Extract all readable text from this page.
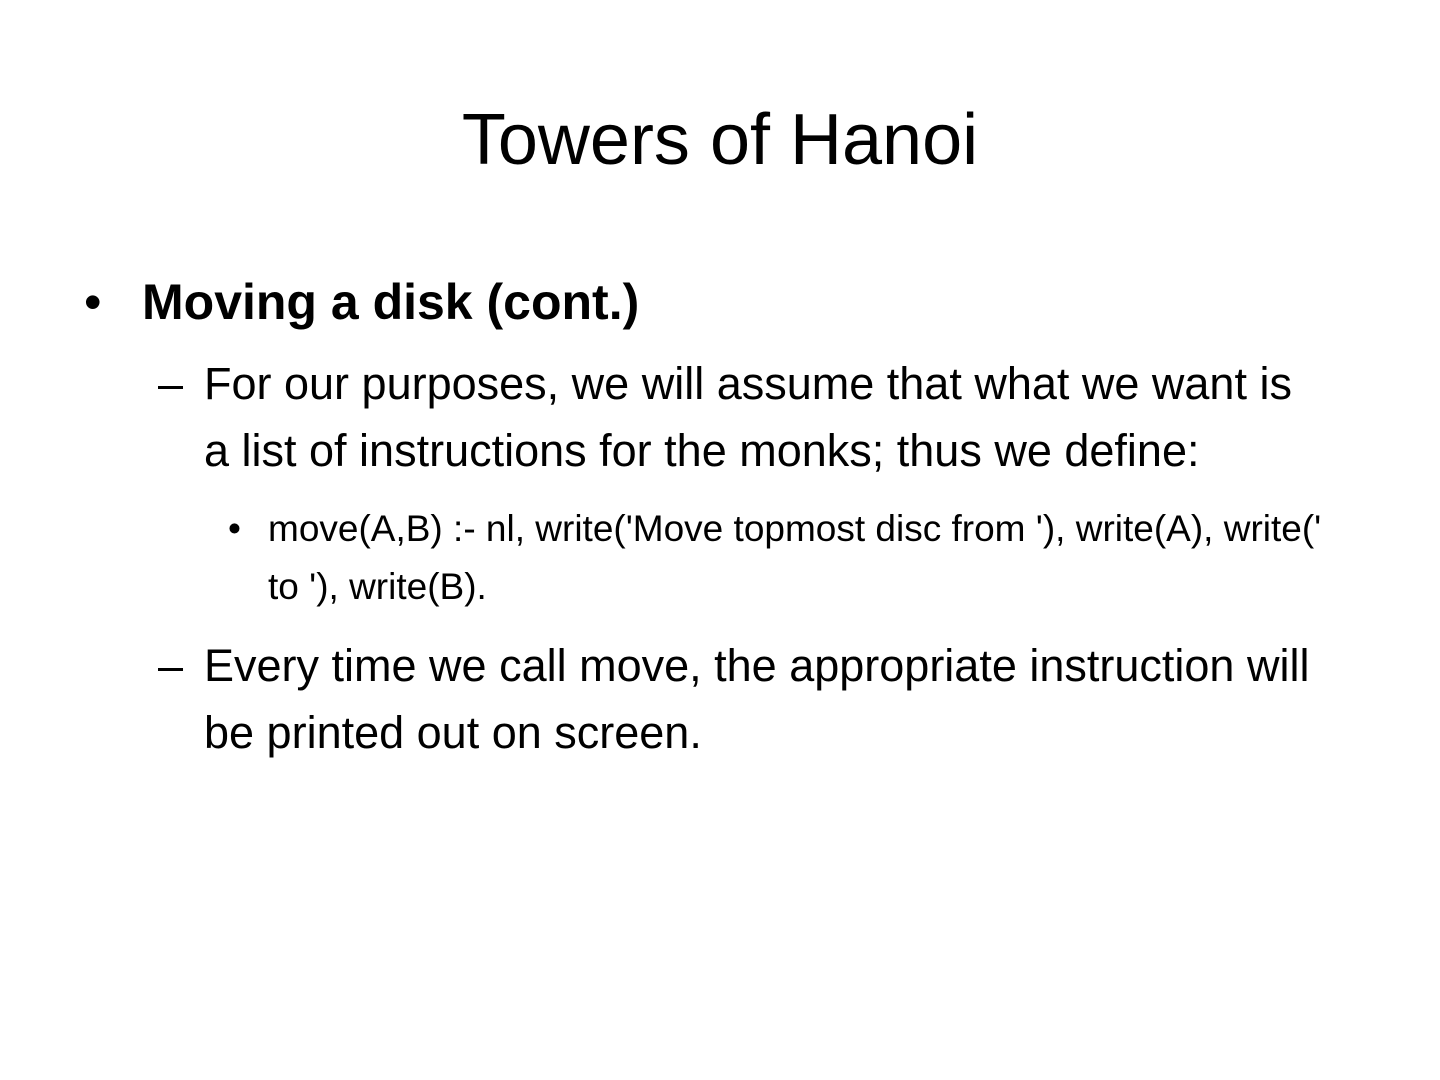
Towers of Hanoi
• Moving a disk (cont.)
– For our purposes, we will assume that what we want is a list of instructions for the monks; thus we define:
• move(A,B) :- nl, write('Move topmost disc from '), write(A), write(' to '), write(B).
– Every time we call move, the appropriate instruction will be printed out on screen.
